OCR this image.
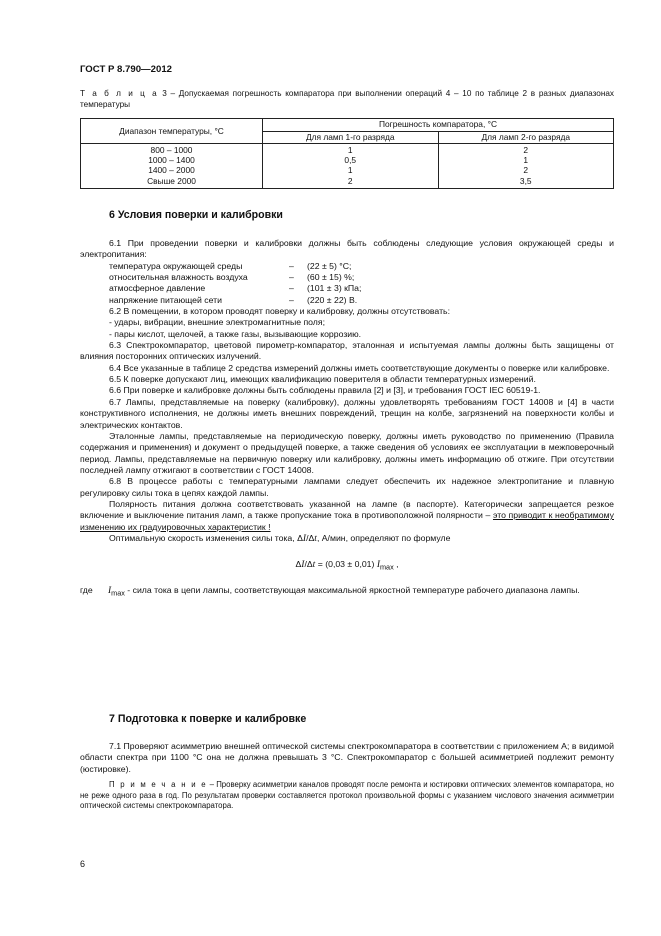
ГОСТ Р 8.790—2012
Т а б л и ц а 3 – Допускаемая погрешность компаратора при выполнении операций 4 – 10 по таблице 2 в разных диапазонах температуры
Диапазон температуры, °С	Погрешность компаратора, °С	
	Для ламп 1-го разряда	Для ламп 2-го разряда
800 – 1000	1	2
1000 – 1400	0,5	1
1400 – 2000	1	2
Свыше 2000	2	3,5
6 Условия поверки и калибровки

6.1 При проведении поверки и калибровки должны быть соблюдены следующие условия окружающей среды и электропитания:

температура окружающей среды	–	(22 ± 5) °С;
относительная влажность воздуха	–	(60 ± 15) %;
атмосферное давление	–	(101 ± 3) кПа;
напряжение питающей сети	–	(220 ± 22) В.

6.2 В помещении, в котором проводят поверку и калибровку, должны отсутствовать:

- удары, вибрации, внешние электромагнитные поля;

- пары кислот, щелочей, а также газы, вызывающие коррозию.

6.3 Спектрокомпаратор, цветовой пирометр-компаратор, эталонная и испытуемая лампы должны быть защищены от влияния посторонних оптических излучений.

6.4 Все указанные в таблице 2 средства измерений должны иметь соответствующие документы о поверке или калибровке.

6.5 К поверке допускают лиц, имеющих квалификацию поверителя в области температурных измерений.

6.6 При поверке и калибровке должны быть соблюдены правила [2] и [3], и требования ГОСТ IEC 60519-1.

6.7 Лампы, представляемые на поверку (калибровку), должны удовлетворять требованиям ГОСТ 14008 и [4] в части конструктивного исполнения, не должны иметь внешних повреждений, трещин на колбе, загрязнений на поверхности колбы и электрических контактов.

Эталонные лампы, представляемые на периодическую поверку, должны иметь руководство по применению (Правила содержания и применения) и документ о предыдущей поверке, а также сведения об условиях ее эксплуатации в межповерочный период. Лампы, представляемые на первичную поверку или калибровку, должны иметь информацию об отжиге. При отсутствии последней лампу отжигают в соответствии с ГОСТ 14008.

6.8 В процессе работы с температурными лампами следует обеспечить их надежное электропитание и плавную регулировку силы тока в цепях каждой лампы.

Полярность питания должна соответствовать указанной на лампе (в паспорте). Категорически запрещается резкое включение и выключение питания ламп, а также пропускание тока в противоположной полярности – это приводит к необратимому изменению их градуировочных характеристик !

Оптимальную скорость изменения силы тока, ΔI/Δt, А/мин, определяют по формуле

ΔI/Δt = (0,03 ± 0,01) $I_{max}$ ,
где	$I_{max}$ - сила тока в цепи лампы, соответствующая максимальной яркостной температуре рабочего диапазона лампы.
7 Подготовка к поверке и калибровке

7.1 Проверяют асимметрию внешней оптической системы спектрокомпаратора в соответствии с приложением А; в видимой области спектра при 1100 °С она не должна превышать 3 °С. Спектрокомпаратор с большей асимметрией подлежит ремонту (юстировке).

П р и м е ч а н и е – Проверку асимметрии каналов проводят после ремонта и юстировки оптических элементов компаратора, но не реже одного раза в год. По результатам проверки составляется протокол произвольной формы с указанием числового значения асимметрии оптической системы спектрокомпаратора.
6
